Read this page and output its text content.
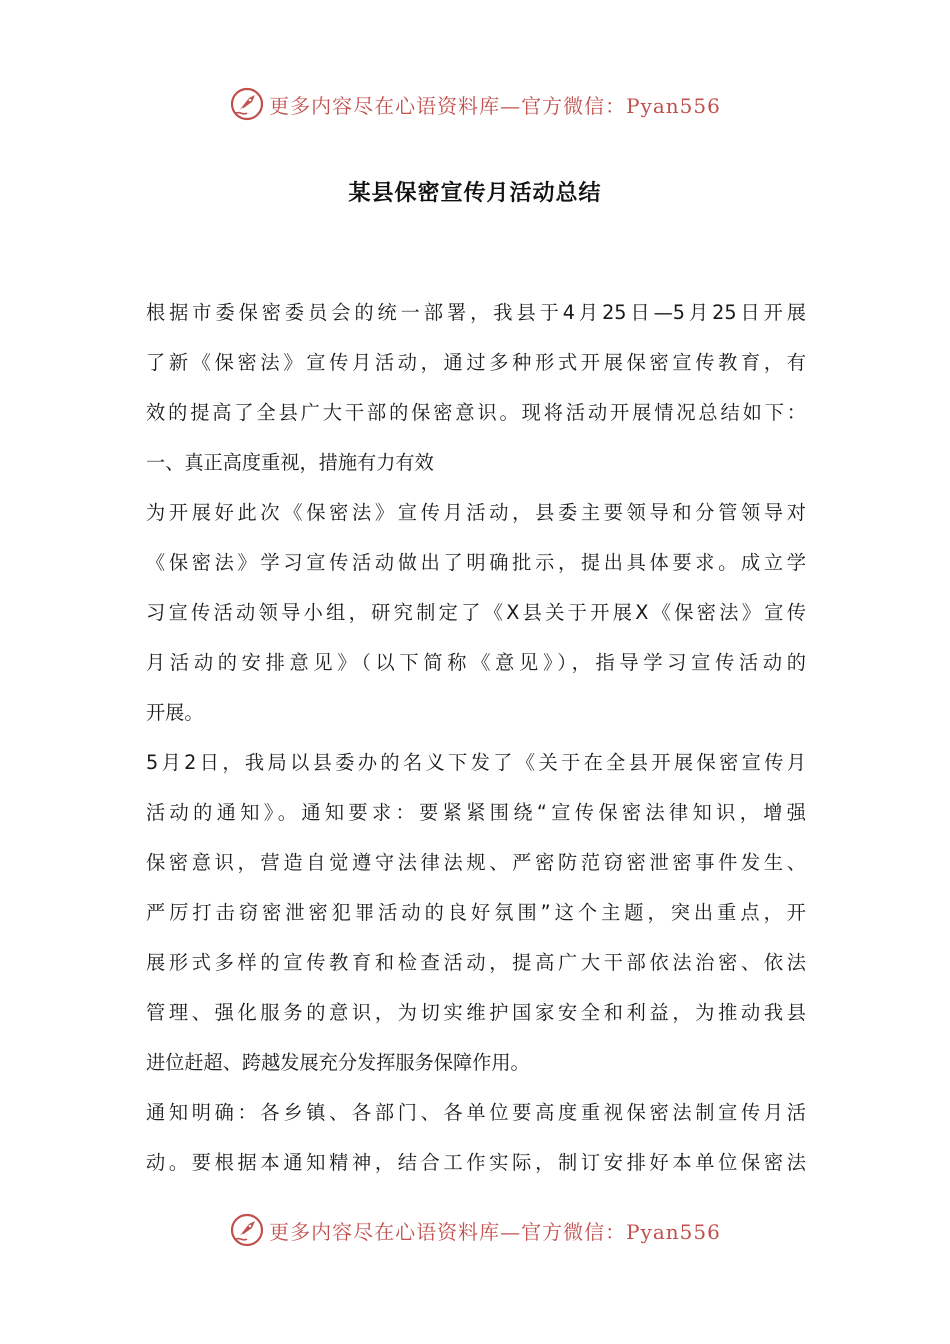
更多内容尽在心语资料库—官方微信：Pyan556
某县保密宣传月活动总结
根据市委保密委员会的统一部署，我县于4月25日—5月25日开展
了新《保密法》宣传月活动，通过多种形式开展保密宣传教育，有
效的提高了全县广大干部的保密意识。现将活动开展情况总结如下：
一、真正高度重视，措施有力有效
为开展好此次《保密法》宣传月活动，县委主要领导和分管领导对
《保密法》学习宣传活动做出了明确批示，提出具体要求。成立学
习宣传活动领导小组，研究制定了《X县关于开展X《保密法》宣传
月活动的安排意见》（以下简称《意见》），指导学习宣传活动的
开展。
5月2日，我局以县委办的名义下发了《关于在全县开展保密宣传月
活动的通知》。通知要求：要紧紧围绕“宣传保密法律知识，增强
保密意识，营造自觉遵守法律法规、严密防范窃密泄密事件发生、
严厉打击窃密泄密犯罪活动的良好氛围”这个主题，突出重点，开
展形式多样的宣传教育和检查活动，提高广大干部依法治密、依法
管理、强化服务的意识，为切实维护国家安全和利益，为推动我县
进位赶超、跨越发展充分发挥服务保障作用。
通知明确：各乡镇、各部门、各单位要高度重视保密法制宣传月活
动。要根据本通知精神，结合工作实际，制订安排好本单位保密法
更多内容尽在心语资料库—官方微信：Pyan556
